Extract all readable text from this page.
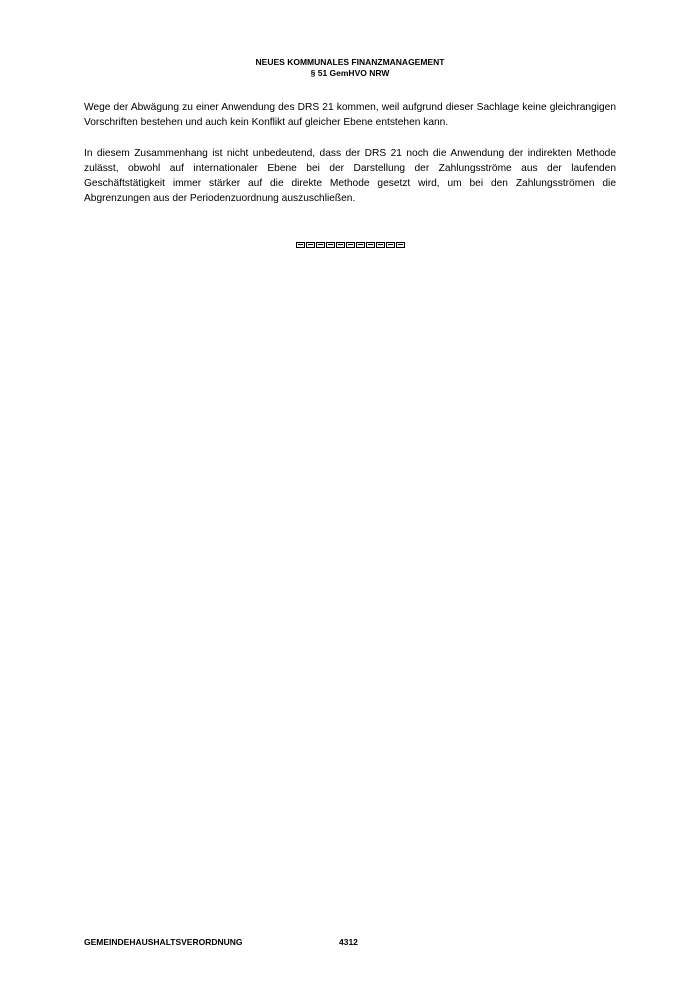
NEUES KOMMUNALES FINANZMANAGEMENT
§ 51 GemHVO NRW

Wege der Abwägung zu einer Anwendung des DRS 21 kommen, weil aufgrund dieser Sachlage keine gleichrangigen Vorschriften bestehen und auch kein Konflikt auf gleicher Ebene entstehen kann.

In diesem Zusammenhang ist nicht unbedeutend, dass der DRS 21 noch die Anwendung der indirekten Methode zulässt, obwohl auf internationaler Ebene bei der Darstellung der Zahlungsströme aus der laufenden Geschäftstätigkeit immer stärker auf die direkte Methode gesetzt wird, um bei den Zahlungsströmen die Abgrenzungen aus der Periodenzuordnung auszuschließen.

GEMEINDEHAUSHALTSVERORDNUNG	4312
